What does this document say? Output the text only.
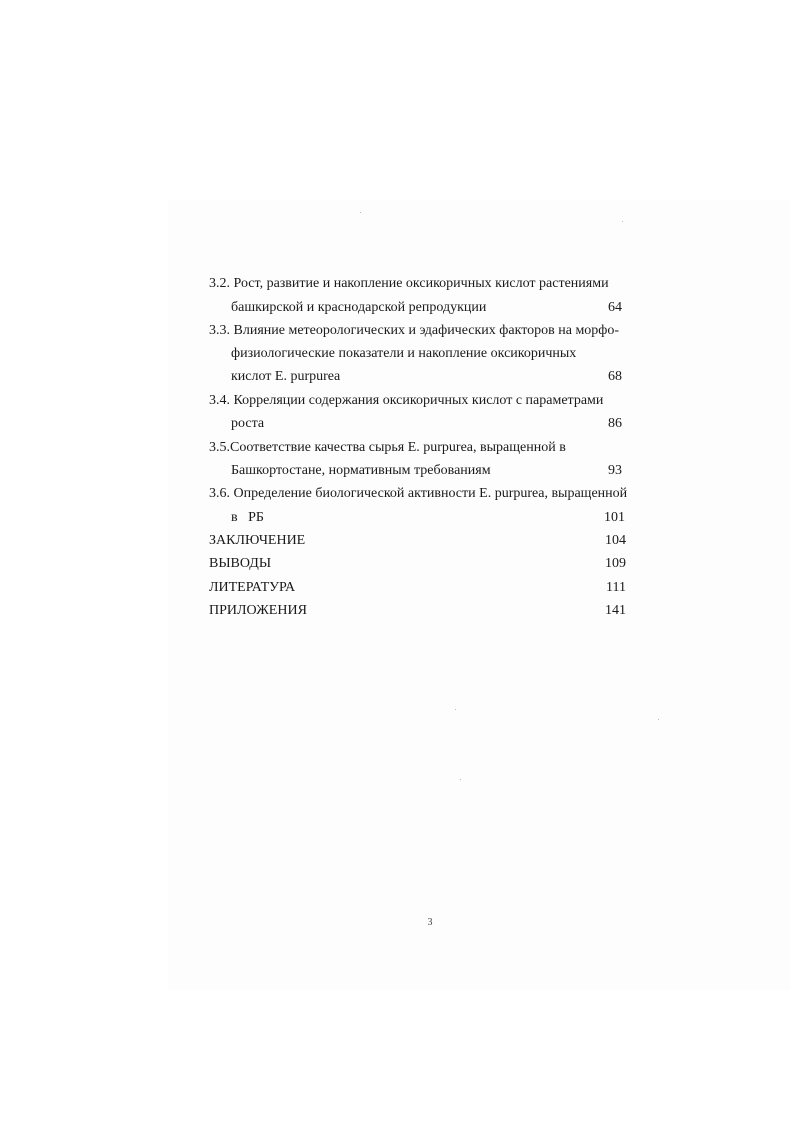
3.2. Рост, развитие и накопление оксикоричных кислот растениями
башкирской и краснодарской репродукции	64
3.3. Влияние метеорологических и эдафических факторов на морфо-
физиологические показатели и накопление оксикоричных
кислот E. purpurea	68
3.4. Корреляции содержания оксикоричных кислот с параметрами
роста	86
3.5.Соответствие качества сырья E. purpurea, выращенной в
Башкортостане, нормативным требованиям	93
3.6. Определение биологической активности E. purpurea, выращенной
в   РБ	101
ЗАКЛЮЧЕНИЕ	104
ВЫВОДЫ	109
ЛИТЕРАТУРА	111
ПРИЛОЖЕНИЯ	141
3
